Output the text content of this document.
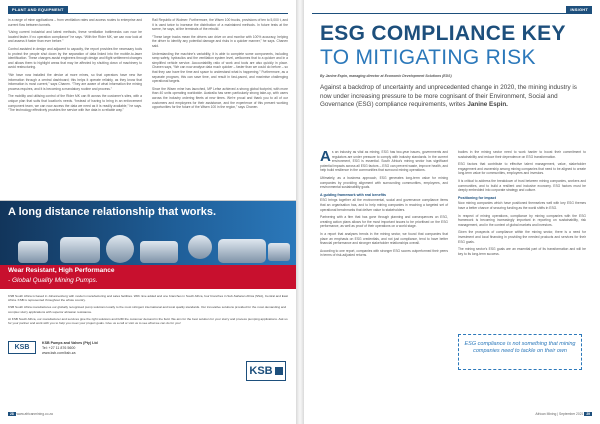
PLANT AND EQUIPMENT

in a range of mine applications – from ventilation rates and access routes to enterprise and current flow between tunnels.

“Using current industrial and latest methods, these ventilation bottlenecks can now be located faster. If no operation compliance” he says. “With the Rider MK, we can now look at and assess it faster than ever before.”

Control assisted in design and adjacent to capacity, the report provides the necessary tools to protect the people shut down by the separation of data linked into the mobile-to-laser identification. These changes assist engineers through design and flight settlement changes and allows them to highlight areas that may be affected by shutting down of machinery to avoid restructuring.

“We have now installed the device at more mines, so that operators have new live information through a central dashboard; this helps it operate reliably, as they know that information is most current,” says Chanen. “They are aware of what information the mining process requires, and it is becoming a mandatory routine and process.”

The mobility and utilising control of the Rider MK can fit across the customer's sites, with a unique plan that suits that location's needs. “Instead of having to bring in an enforcement component team, we can now access the data we need as it is readily available,” he says. “The technology effectively provides the service with live data in a reliable way.”

Rail Republic of Wolmer: Furthermore, the Wisen 100 trucks, provisions of ten to 5,000 t, and it is used twice to increase the distribution of a maintained methods. In future tests at the scene, he says, at the terminals of the rebuild.

“These large trucks mean the drivers can drive on and monitor with 100% accuracy, helping the driver to identify any potential damage and risks in a quicker manner,” he says. Chanen said.

Understanding the machine's variability, it is able to complete some components, including ramp safety, hydraulics and the ventilation system level, wellcomes that to a quicker and in a simplified vehicle service. Accountability ratio of work and tools are also quickly in place. Chanen says, “We can now analyse data much quicker – faster than we could do before – so that they can have the time and space to understand what is happening.” Furthermore, as a separate program, this can save time, and result in fast-paced, and maximise challenging operational targets.

Since the Wisen mine has launched, MP Lefse achieved a strong global footprint, with more than 40 units operating worldwide. Australia has seen particularly strong take-up, with users across the industry ordering fleets at new times. We're proud and thank you to all of our customers and employees for their assistance, and the experience of this present working opportunities for the future of the Wisen 100 in the region,” says Chanen.

A long distance relationship that works.
Wear Resistant, High Performance
- Global Quality Mining Pumps.

KSB South Africa is based in Johannesburg with modern manufacturing and sales facilities. With nine added and one branches in South Africa, four branches in Sub-Saharan Africa (SSA), Central and East Africa. KSB is represented throughout the whole country.

KSB South Africa manufactures our globally recognised pump solutions locally to the most stringent international and local quality standards. Our innovative solutions provided for the most demanding and complex slurry applications with superior abrasion resistance.

At KSB South Africa, our manufacturer and services give the right solutions and fulfill the customer demand in the field. We aim for the best solution for your slurry and process pumping applications. Ask us for your partner and work with you to help you meet your project goals. Give us a call or visit us to see what we can do for you!

KSB
KSB Pumps and Valves (Pty) Ltd
Tel: +27 11 876 5600
www.ksb.com/ksb-za
KSB
28 www.africanmining.co.za
INSIGHT
ESG COMPLIANCE KEY
TO MITIGATING RISK
By Janine Espin, managing director at Economic Development Solutions (EDS)
Against a backdrop of uncertainty and unprecedented change in 2020, the mining industry is now under increasing pressure to be more cognisant of their Environment, Social and Governance (ESG) compliance requirements, writes Janine Espin.

As an industry as vital as mining, ESG has two-year issues, governments and regulators are under pressure to comply with industry standards. In the current environment, ESG is essential. South Africa's mining sector has significant potential impacts across all ESG factors – ESG can prevent waste, improve health, and help build resilience in the communities that surround mining operations.

Ultimately, as a business approach, ESG generates long-term value for mining companies by providing alignment with surrounding communities, employees, and environmental sustainability goals.

A guiding framework with real benefits

ESG brings together all the environmental, social and governance compliance items that an organisation has, and to help mining companies in reaching a targeted set of operational benchmarks that deliver value to stakeholders.

Partnering with a firm that has gone through planning and consequences on ESG, creating action plans allows for the most important issues to be prioritised on the ESG performance, as well as proof of their operations on a world stage.

In a report that analyses trends in the mining sector, we found that companies that place an emphasis on ESG credentials, and not just compliance, tend to have better financial performance and stronger stakeholder relationships overall.

According to one report, companies with stronger ESG scores outperformed their peers in terms of risk-adjusted returns.

bodies in the mining sector need to work harder to boost their commitment to sustainability and reduce their dependence on ESG transformation.

ESG factors that contribute to effective talent management, value, stakeholder engagement and ownership among mining companies that need to be aligned to create long-term value for communities, employees and investors.

It is critical to address the breakdown of trust between mining companies, workers and communities, and to build a resilient and inclusive economy. ESG factors must be deeply embedded into corporate strategy and culture.

Positioning for impact

Now mining companies which have positioned themselves well with key ESG themes have a better chance of securing funding as the world shifts in ESG.

In respect of mining operations, compliance by mining companies with the ESG framework is becoming increasingly important in reporting on sustainability, risk management, and in the context of global markets and investors.

Given the prospects of compliance within the mining sector, there is a need for investment and local financing in providing the needed products and services for their ESG goals.

The mining sector's ESG goals are an essential part of its transformation and will be key to its long-term success.

ESG compliance is not something that mining companies need to tackle on their own
African Mining | September 2021 29
